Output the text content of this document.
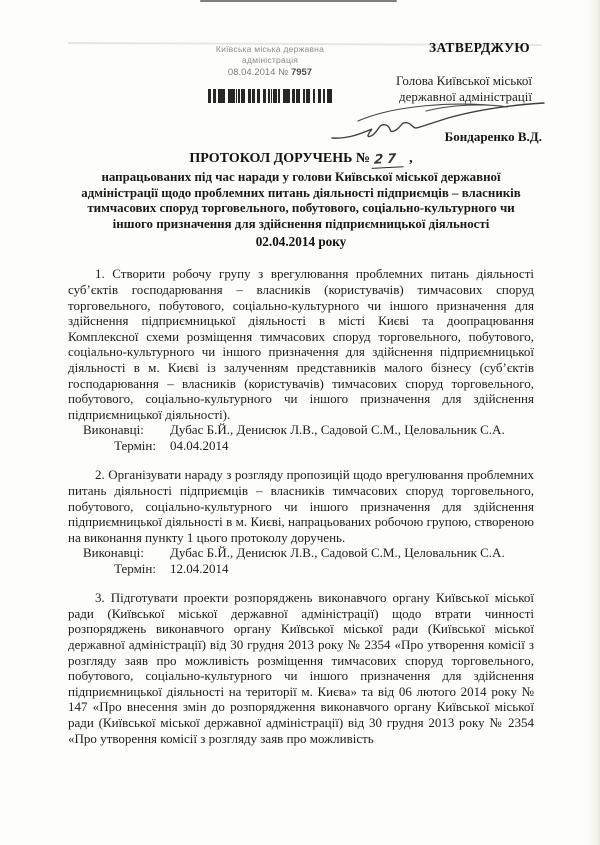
Київська міська державна
адміністрація
08.04.2014 № 7957
ЗАТВЕРДЖУЮ
Голова Київської міської
державної адміністрації
Бондаренко В.Д.
ПРОТОКОЛ ДОРУЧЕНЬ № 27 ,
напрацьованих під час наради у голови Київської міської державної адміністрації щодо проблемних питань діяльності підприємців – власників тимчасових споруд торговельного, побутового, соціально-культурного чи іншого призначення для здійснення підприємницької діяльності
02.04.2014 року

1. Створити робочу групу з врегулювання проблемних питань діяльності суб’єктів господарювання – власників (користувачів) тимчасових споруд торговельного, побутового, соціально-культурного чи іншого призначення для здійснення підприємницької діяльності в місті Києві та доопрацювання Комплексної схеми розміщення тимчасових споруд торговельного, побутового, соціально-культурного чи іншого призначення для здійснення підприємницької діяльності в м. Києві із залученням представників малого бізнесу (суб’єктів господарювання – власників (користувачів) тимчасових споруд торговельного, побутового, соціально-культурного чи іншого призначення для здійснення підприємницької діяльності).

Виконавці:	Дубас Б.Й., Денисюк Л.В., Садовой С.М., Целовальник С.А.
Термін: 04.04.2014

2. Організувати нараду з розгляду пропозицій щодо врегулювання проблемних питань діяльності підприємців – власників тимчасових споруд торговельного, побутового, соціально-культурного чи іншого призначення для здійснення підприємницької діяльності в м. Києві, напрацьованих робочою групою, створеною на виконання пункту 1 цього протоколу доручень.

Виконавці:	Дубас Б.Й., Денисюк Л.В., Садовой С.М., Целовальник С.А.
Термін: 12.04.2014

3. Підготувати проекти розпоряджень виконавчого органу Київської міської ради (Київської міської державної адміністрації) щодо втрати чинності розпоряджень виконавчого органу Київської міської ради (Київської міської державної адміністрації) від 30 грудня 2013 року № 2354 «Про утворення комісії з розгляду заяв про можливість розміщення тимчасових споруд торговельного, побутового, соціально-культурного чи іншого призначення для здійснення підприємницької діяльності на території м. Києва» та від 06 лютого 2014 року № 147 «Про внесення змін до розпорядження виконавчого органу Київської міської ради (Київської міської державної адміністрації) від 30 грудня 2013 року № 2354 «Про утворення комісії з розгляду заяв про можливість
